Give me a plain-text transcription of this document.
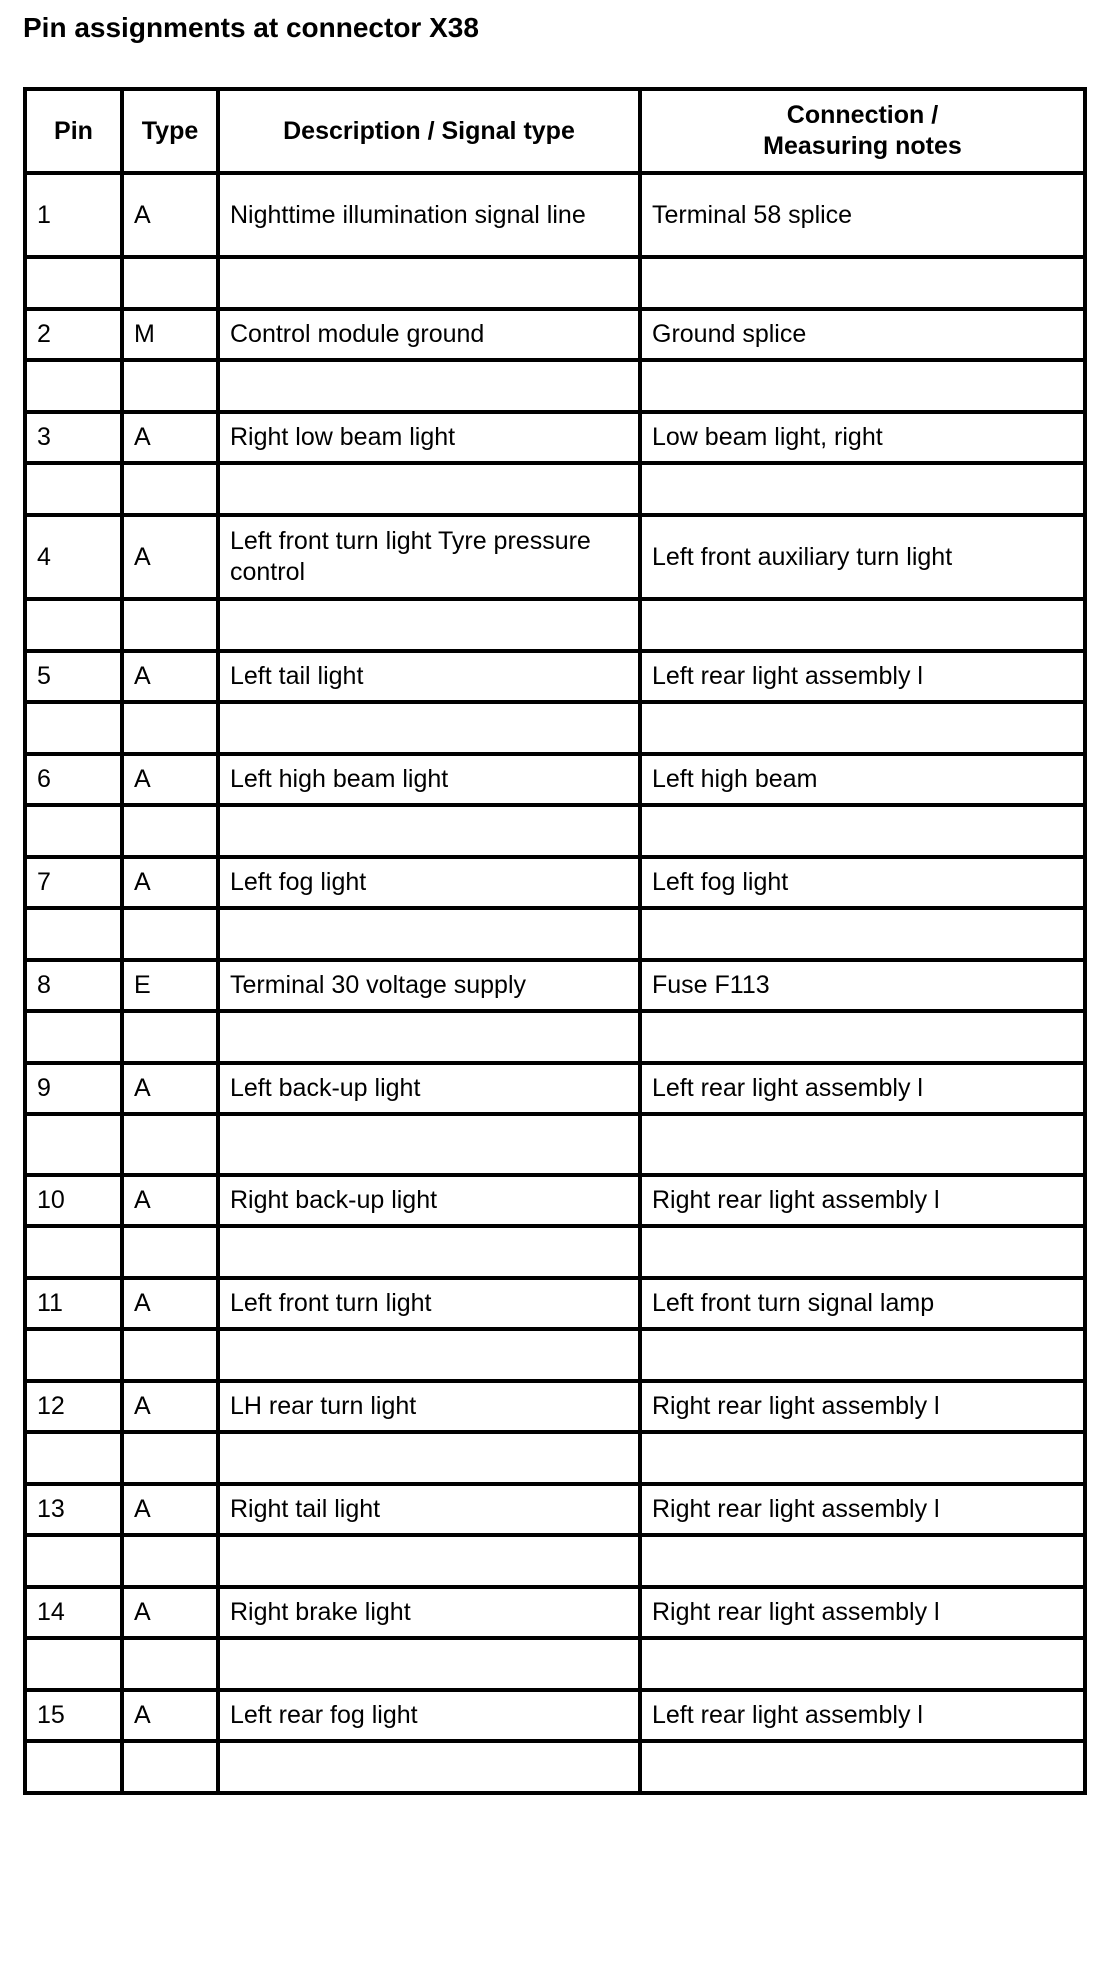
Pin assignments at connector X38
Pin	Type	Description / Signal type	Connection /
Measuring notes
1	A	Nighttime illumination signal line	Terminal 58 splice

2	M	Control module ground	Ground splice

3	A	Right low beam light	Low beam light, right

4	A	Left front turn light Tyre pressure control	Left front auxiliary turn light

5	A	Left tail light	Left rear light assembly l

6	A	Left high beam light	Left high beam

7	A	Left fog light	Left fog light

8	E	Terminal 30 voltage supply	Fuse F113

9	A	Left back-up light	Left rear light assembly l

10	A	Right back-up light	Right rear light assembly l

11	A	Left front turn light	Left front turn signal lamp

12	A	LH rear turn light	Right rear light assembly l

13	A	Right tail light	Right rear light assembly l

14	A	Right brake light	Right rear light assembly l

15	A	Left rear fog light	Left rear light assembly l
